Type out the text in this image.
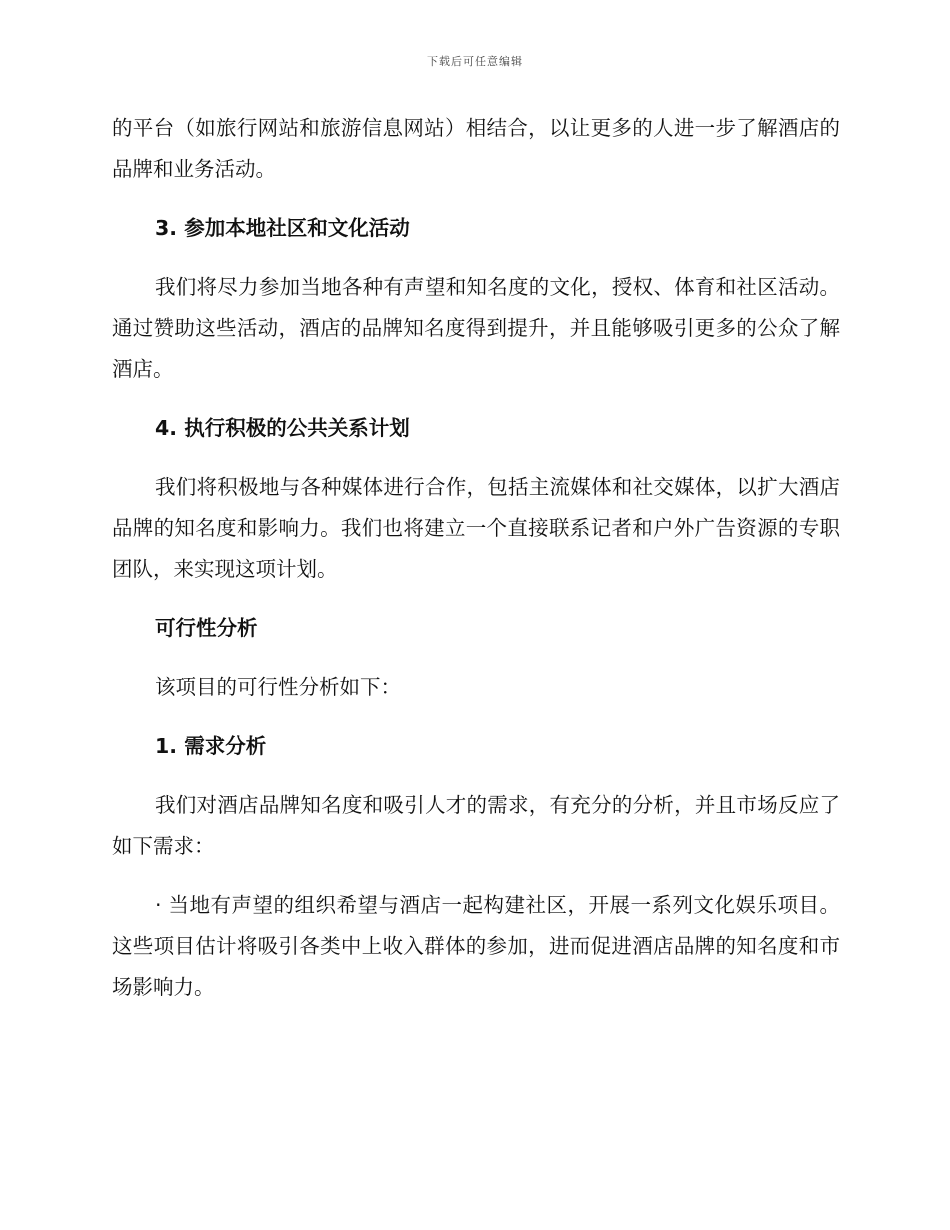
下载后可任意编辑

的平台（如旅行网站和旅游信息网站）相结合，以让更多的人进一步了解酒店的品牌和业务活动。

3. 参加本地社区和文化活动

我们将尽力参加当地各种有声望和知名度的文化，授权、体育和社区活动。通过赞助这些活动，酒店的品牌知名度得到提升，并且能够吸引更多的公众了解酒店。

4. 执行积极的公共关系计划

我们将积极地与各种媒体进行合作，包括主流媒体和社交媒体，以扩大酒店品牌的知名度和影响力。我们也将建立一个直接联系记者和户外广告资源的专职团队，来实现这项计划。

可行性分析

该项目的可行性分析如下：

1. 需求分析

我们对酒店品牌知名度和吸引人才的需求，有充分的分析，并且市场反应了如下需求：

· 当地有声望的组织希望与酒店一起构建社区，开展一系列文化娱乐项目。 这些项目估计将吸引各类中上收入群体的参加，进而促进酒店品牌的知名度和市场影响力。
